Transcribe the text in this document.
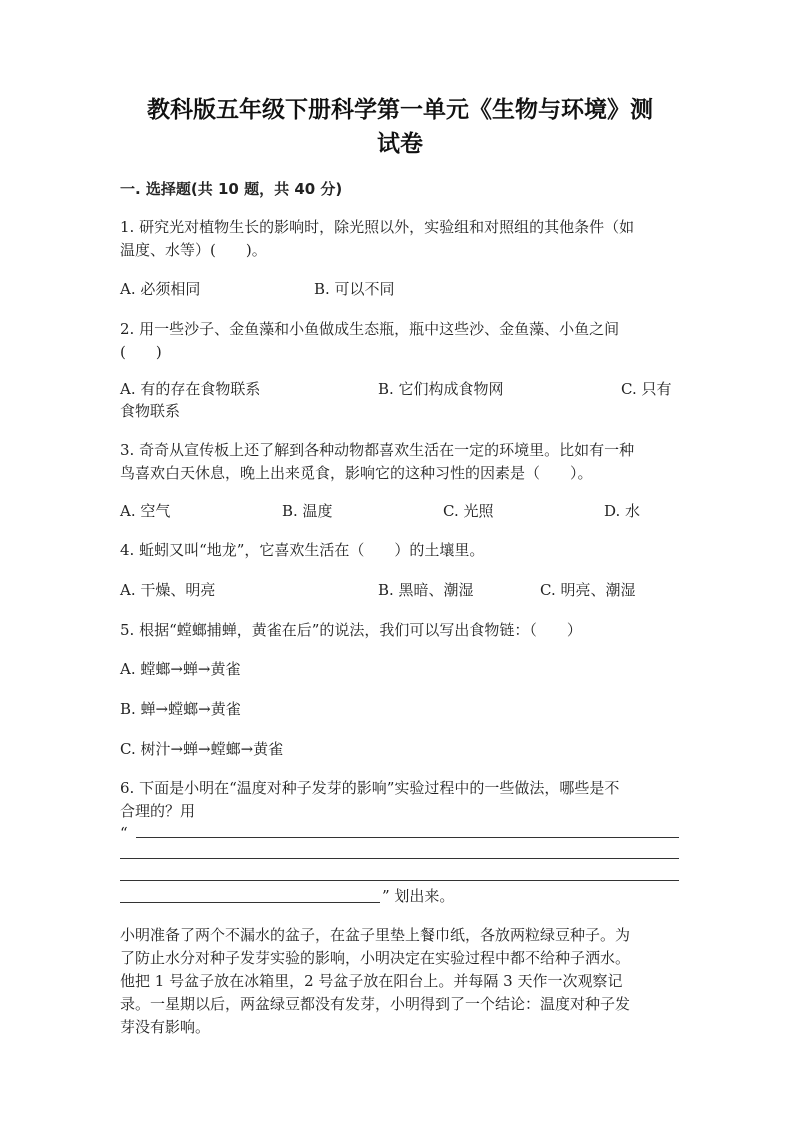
教科版五年级下册科学第一单元《生物与环境》测
试卷
一. 选择题(共 10 题，共 40 分)
1. 研究光对植物生长的影响时，除光照以外，实验组和对照组的其他条件（如
温度、水等）(　　)。
A. 必须相同	B. 可以不同
2. 用一些沙子、金鱼藻和小鱼做成生态瓶，瓶中这些沙、金鱼藻、小鱼之间
(　　)
A. 有的存在食物联系	B. 它们构成食物网	C. 只有
食物联系
3. 奇奇从宣传板上还了解到各种动物都喜欢生活在一定的环境里。比如有一种
鸟喜欢白天休息，晚上出来觅食，影响它的这种习性的因素是（　　）。
A. 空气	B. 温度	C. 光照	D. 水
4. 蚯蚓又叫“地龙”，它喜欢生活在（　　）的土壤里。
A. 干燥、明亮	B. 黑暗、潮湿	C. 明亮、潮湿
5. 根据“螳螂捕蝉，黄雀在后”的说法，我们可以写出食物链：（　　）
A. 螳螂→蝉→黄雀
B. 蝉→螳螂→黄雀
C. 树汁→蝉→螳螂→黄雀
6. 下面是小明在“温度对种子发芽的影响”实验过程中的一些做法，哪些是不
合理的？用
“
” 划出来。
小明准备了两个不漏水的盆子，在盆子里垫上餐巾纸，各放两粒绿豆种子。为
了防止水分对种子发芽实验的影响，小明决定在实验过程中都不给种子洒水。
他把 1 号盆子放在冰箱里，2 号盆子放在阳台上。并每隔 3 天作一次观察记
录。一星期以后，两盆绿豆都没有发芽，小明得到了一个结论：温度对种子发
芽没有影响。
